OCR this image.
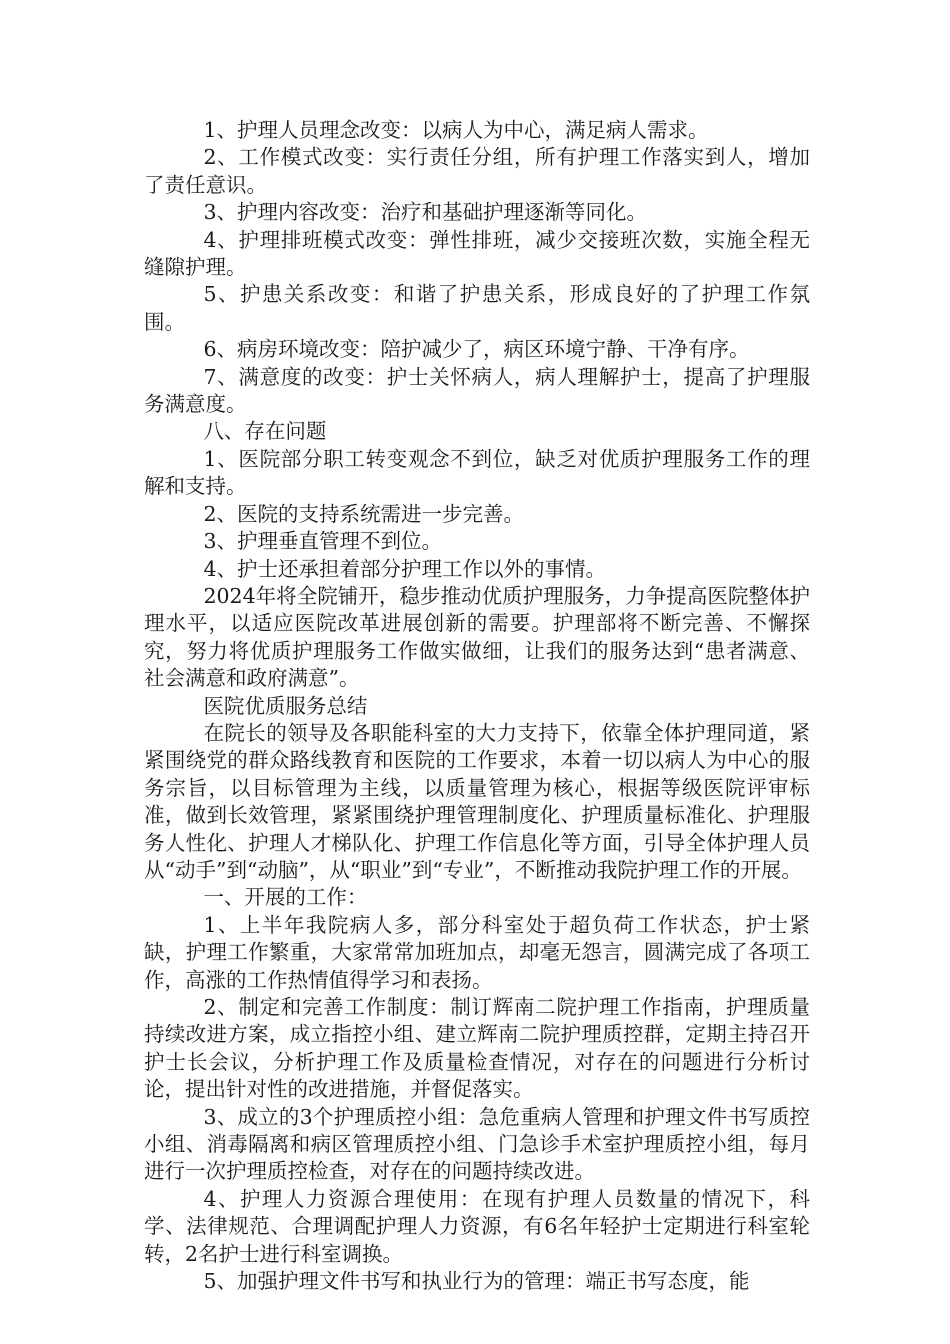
1、护理人员理念改变：以病人为中心，满足病人需求。

2、工作模式改变：实行责任分组，所有护理工作落实到人，增加了责任意识。

3、护理内容改变：治疗和基础护理逐渐等同化。

4、护理排班模式改变：弹性排班，减少交接班次数，实施全程无缝隙护理。

5、护患关系改变：和谐了护患关系，形成良好的了护理工作氛围。

6、病房环境改变：陪护减少了，病区环境宁静、干净有序。

7、满意度的改变：护士关怀病人，病人理解护士，提高了护理服务满意度。

八、存在问题

1、医院部分职工转变观念不到位，缺乏对优质护理服务工作的理解和支持。

2、医院的支持系统需进一步完善。

3、护理垂直管理不到位。

4、护士还承担着部分护理工作以外的事情。

2024年将全院铺开，稳步推动优质护理服务，力争提高医院整体护理水平，以适应医院改革进展创新的需要。护理部将不断完善、不懈探究，努力将优质护理服务工作做实做细，让我们的服务达到“患者满意、社会满意和政府满意”。

医院优质服务总结

在院长的领导及各职能科室的大力支持下，依靠全体护理同道，紧紧围绕党的群众路线教育和医院的工作要求，本着一切以病人为中心的服务宗旨，以目标管理为主线，以质量管理为核心，根据等级医院评审标准，做到长效管理，紧紧围绕护理管理制度化、护理质量标准化、护理服务人性化、护理人才梯队化、护理工作信息化等方面，引导全体护理人员从“动手”到“动脑”，从“职业”到“专业”，不断推动我院护理工作的开展。

一、开展的工作：

1、上半年我院病人多，部分科室处于超负荷工作状态，护士紧缺，护理工作繁重，大家常常加班加点，却毫无怨言，圆满完成了各项工作，高涨的工作热情值得学习和表扬。

2、制定和完善工作制度：制订辉南二院护理工作指南，护理质量持续改进方案，成立指控小组、建立辉南二院护理质控群，定期主持召开护士长会议，分析护理工作及质量检查情况，对存在的问题进行分析讨论，提出针对性的改进措施，并督促落实。

3、成立的3个护理质控小组：急危重病人管理和护理文件书写质控小组、消毒隔离和病区管理质控小组、门急诊手术室护理质控小组，每月进行一次护理质控检查，对存在的问题持续改进。

4、护理人力资源合理使用：在现有护理人员数量的情况下，科学、法律规范、合理调配护理人力资源，有6名年轻护士定期进行科室轮转，2名护士进行科室调换。

5、加强护理文件书写和执业行为的管理：端正书写态度，能
